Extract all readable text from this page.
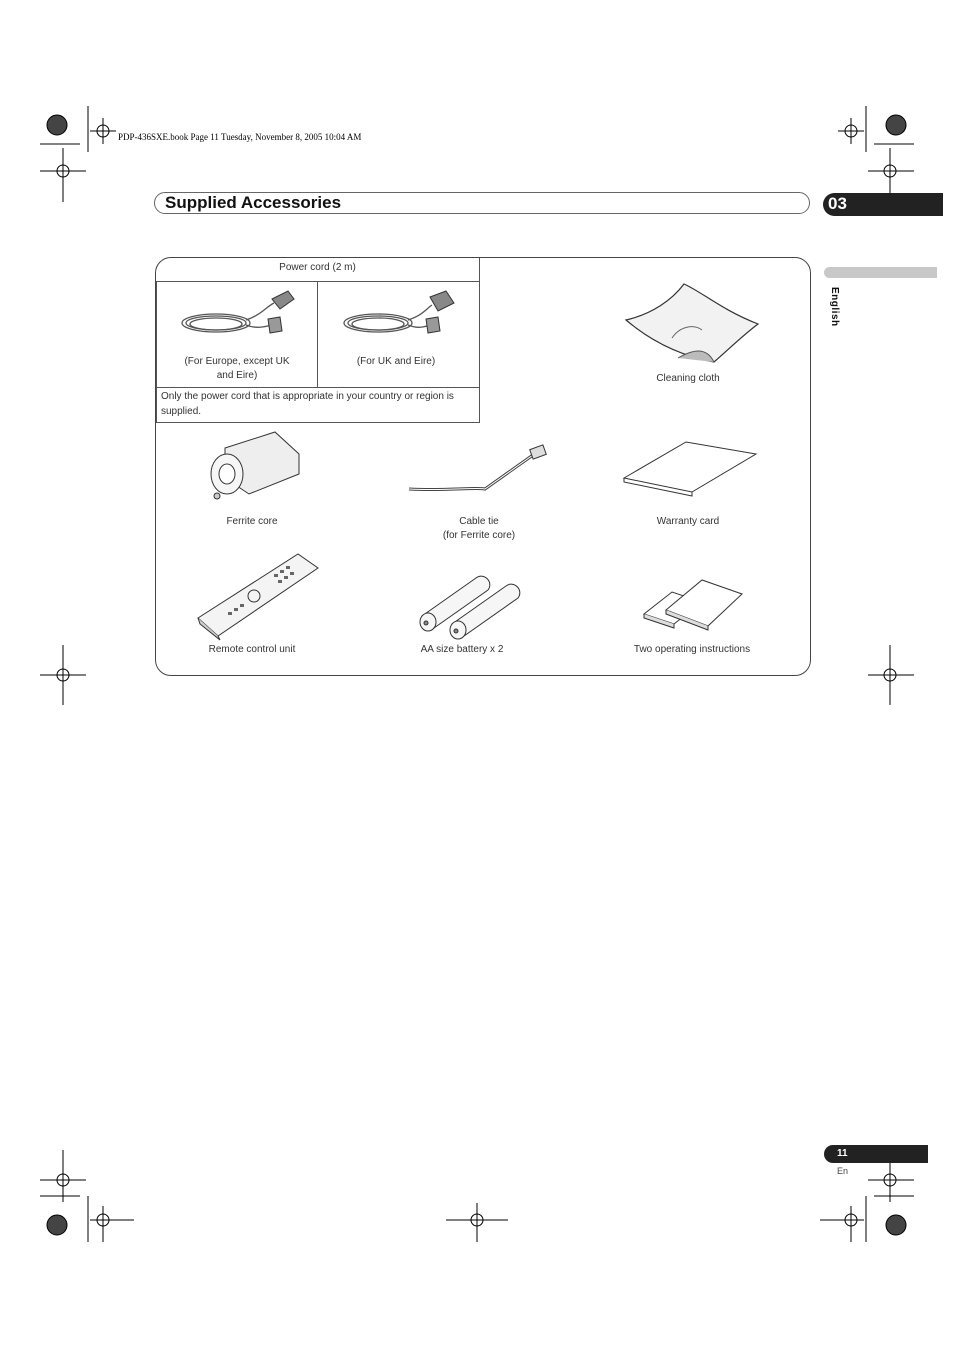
PDP-436SXE.book Page 11 Tuesday, November 8, 2005 10:04 AM
Supplied Accessories	03
English
Power cord (2 m)
Only the power cord that is appropriate in your country or region is supplied.
(For Europe, except UK and Eire)
(For UK and Eire)
Cleaning cloth
Ferrite core	Cable tie
(for Ferrite core)
Warranty card
Remote control unit	AA size battery x 2	Two operating instructions
11
En
